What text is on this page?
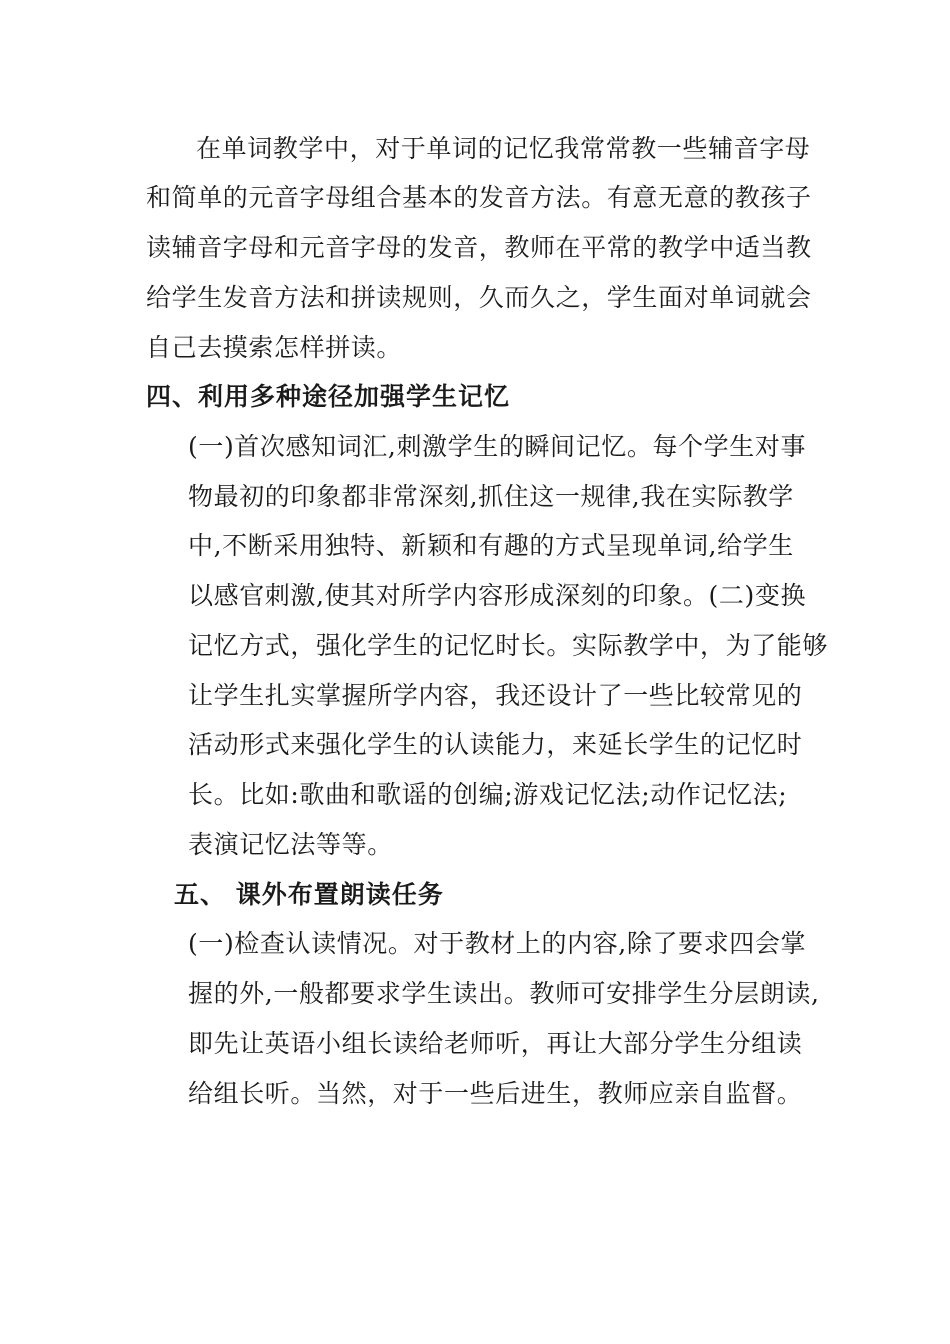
在单词教学中，对于单词的记忆我常常教一些辅音字母
和简单的元音字母组合基本的发音方法。有意无意的教孩子
读辅音字母和元音字母的发音，教师在平常的教学中适当教
给学生发音方法和拼读规则，久而久之，学生面对单词就会
自己去摸索怎样拼读。
四、利用多种途径加强学生记忆
(一)首次感知词汇,刺激学生的瞬间记忆。每个学生对事
物最初的印象都非常深刻,抓住这一规律,我在实际教学
中,不断采用独特、新颖和有趣的方式呈现单词,给学生
以感官刺激,使其对所学内容形成深刻的印象。(二)变换
记忆方式，强化学生的记忆时长。实际教学中，为了能够
让学生扎实掌握所学内容，我还设计了一些比较常见的
活动形式来强化学生的认读能力，来延长学生的记忆时
长。比如:歌曲和歌谣的创编;游戏记忆法;动作记忆法;
表演记忆法等等。
五、 课外布置朗读任务
(一)检查认读情况。对于教材上的内容,除了要求四会掌
握的外,一般都要求学生读出。教师可安排学生分层朗读,
即先让英语小组长读给老师听，再让大部分学生分组读
给组长听。当然，对于一些后进生，教师应亲自监督。
